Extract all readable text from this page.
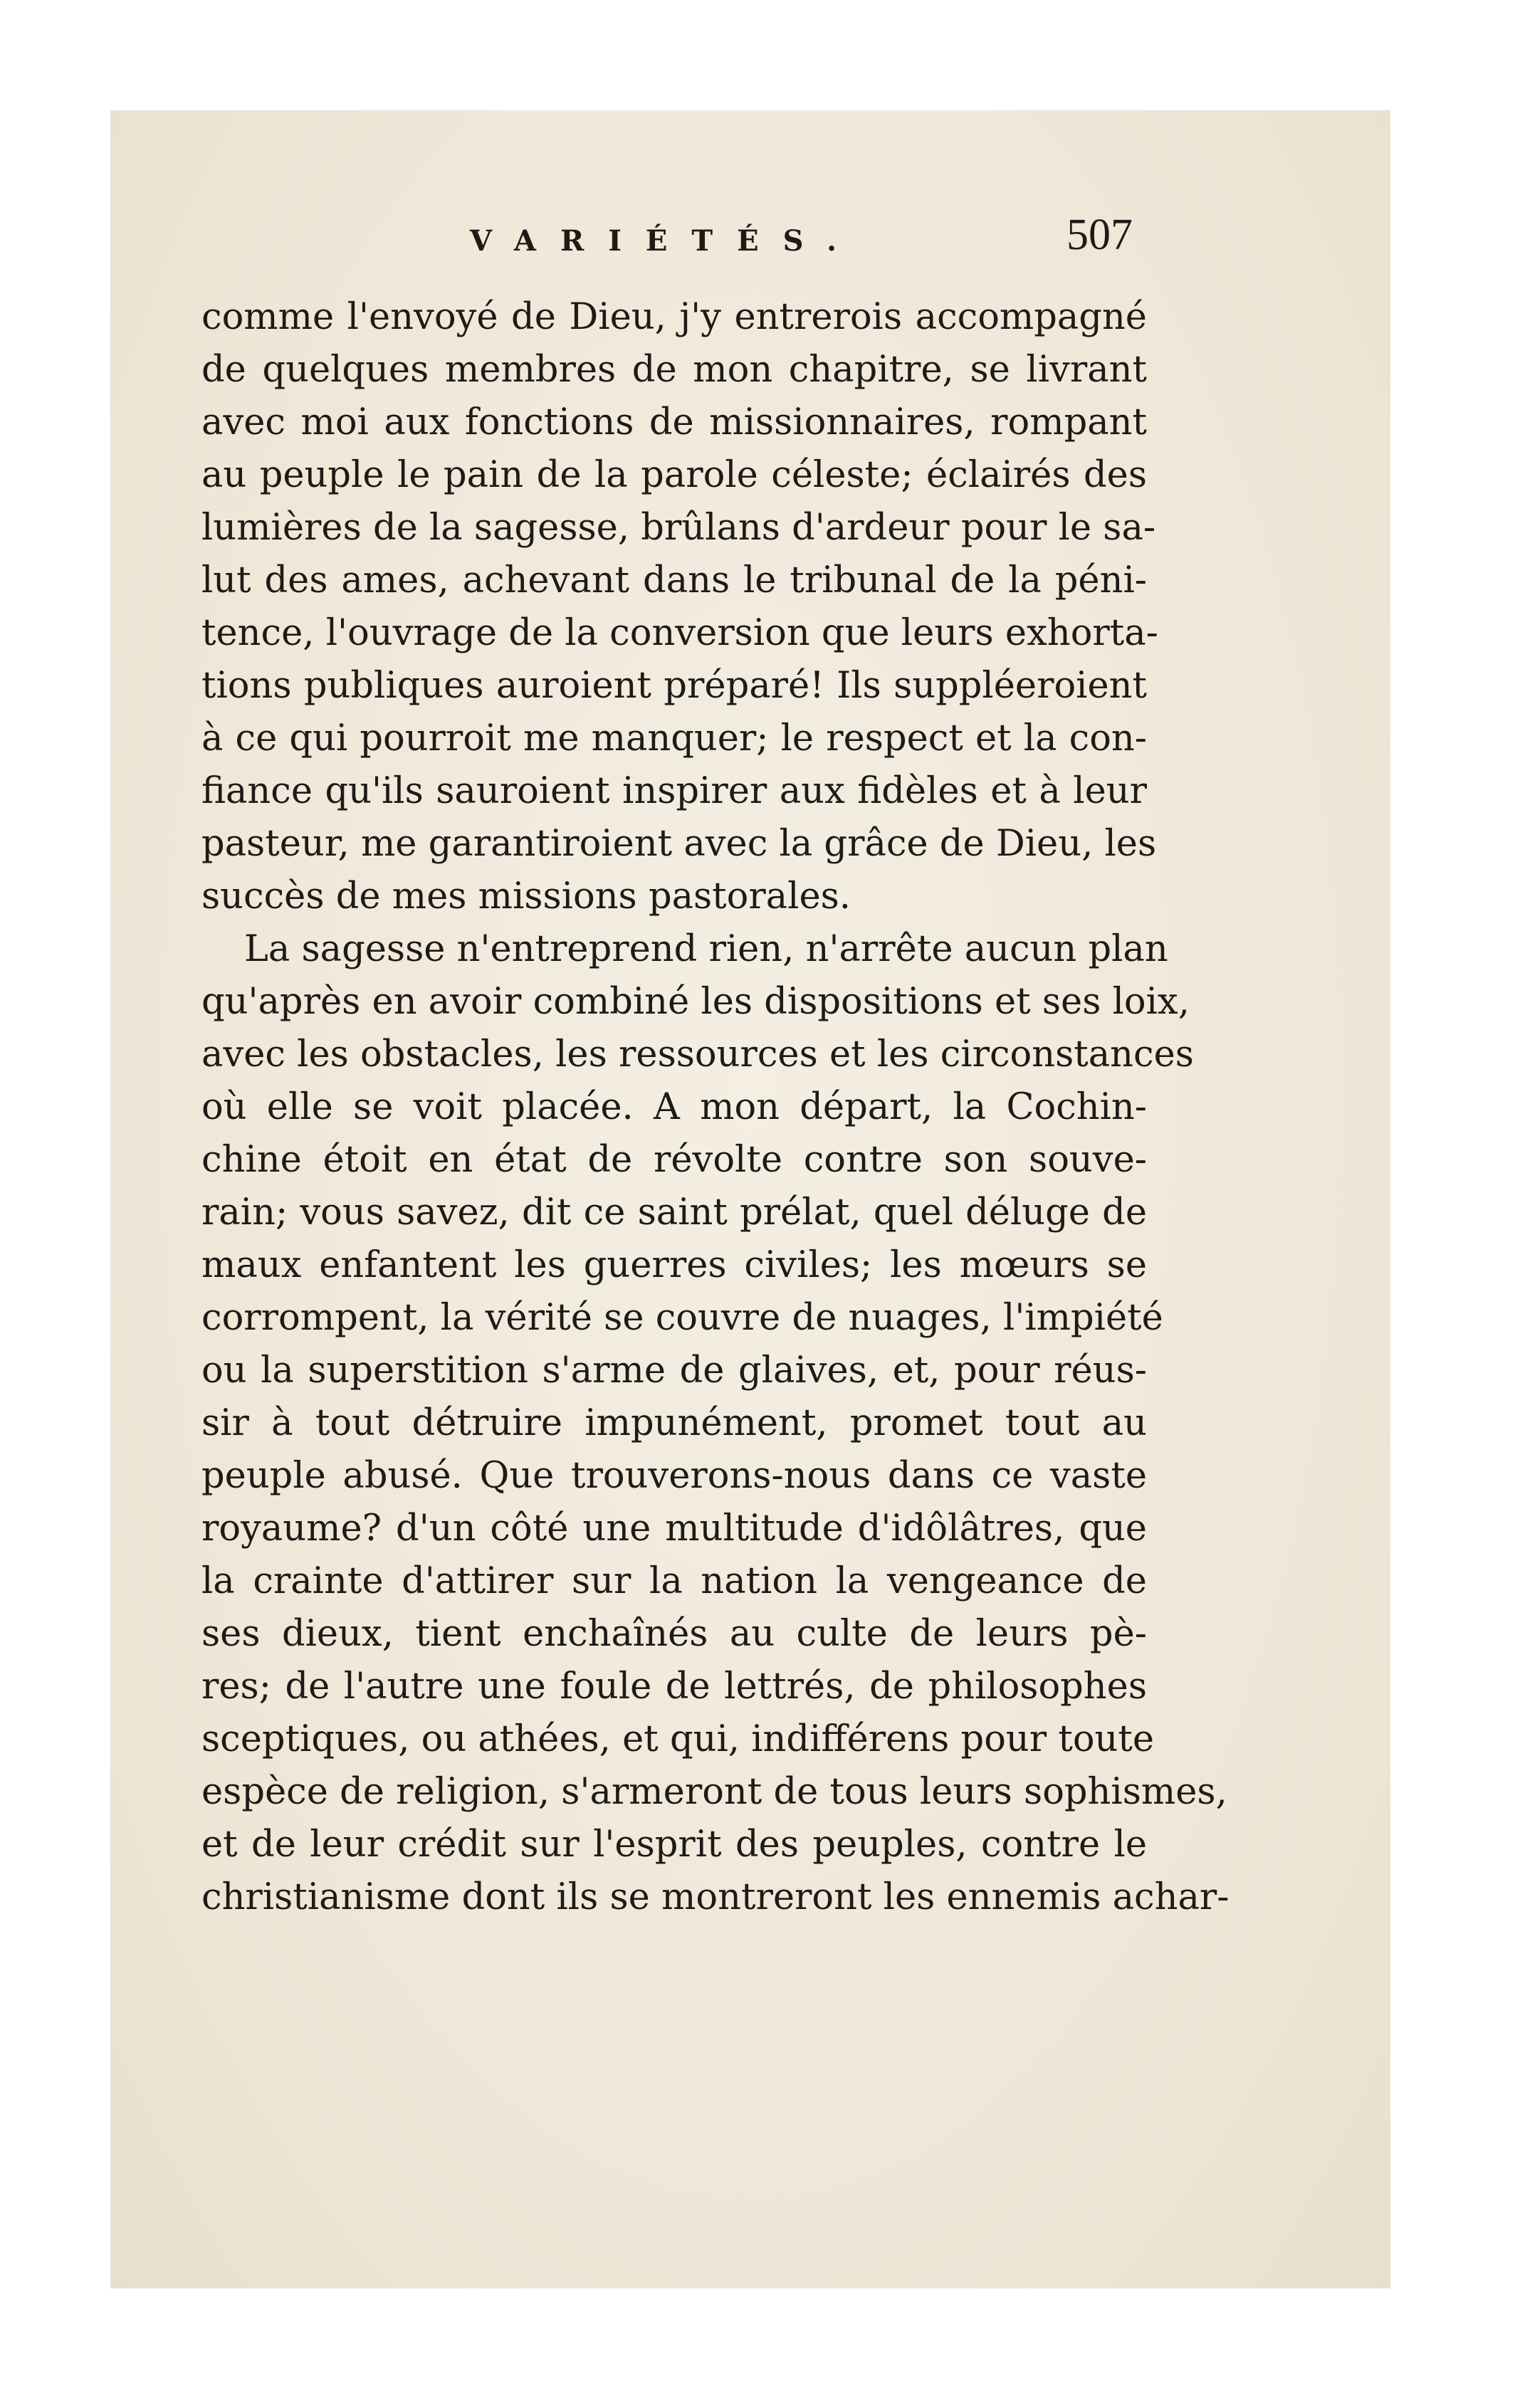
VARIÉTÉS.	507
comme l'envoyé de Dieu, j'y entrerois accompagné
de quelques membres de mon chapitre, se livrant
avec moi aux fonctions de missionnaires, rompant
au peuple le pain de la parole céleste; éclairés des
lumières de la sagesse, brûlans d'ardeur pour le sa-
lut des ames, achevant dans le tribunal de la péni-
tence, l'ouvrage de la conversion que leurs exhorta-
tions publiques auroient préparé! Ils suppléeroient
à ce qui pourroit me manquer; le respect et la con-
fiance qu'ils sauroient inspirer aux fidèles et à leur
pasteur, me garantiroient avec la grâce de Dieu, les
succès de mes missions pastorales.
La sagesse n'entreprend rien, n'arrête aucun plan
qu'après en avoir combiné les dispositions et ses loix,
avec les obstacles, les ressources et les circonstances
où elle se voit placée. A mon départ, la Cochin-
chine étoit en état de révolte contre son souve-
rain; vous savez, dit ce saint prélat, quel déluge de
maux enfantent les guerres civiles; les mœurs se
corrompent, la vérité se couvre de nuages, l'impiété
ou la superstition s'arme de glaives, et, pour réus-
sir à tout détruire impunément, promet tout au
peuple abusé. Que trouverons-nous dans ce vaste
royaume? d'un côté une multitude d'idôlâtres, que
la crainte d'attirer sur la nation la vengeance de
ses dieux, tient enchaînés au culte de leurs pè-
res; de l'autre une foule de lettrés, de philosophes
sceptiques, ou athées, et qui, indifférens pour toute
espèce de religion, s'armeront de tous leurs sophismes,
et de leur crédit sur l'esprit des peuples, contre le
christianisme dont ils se montreront les ennemis achar-
